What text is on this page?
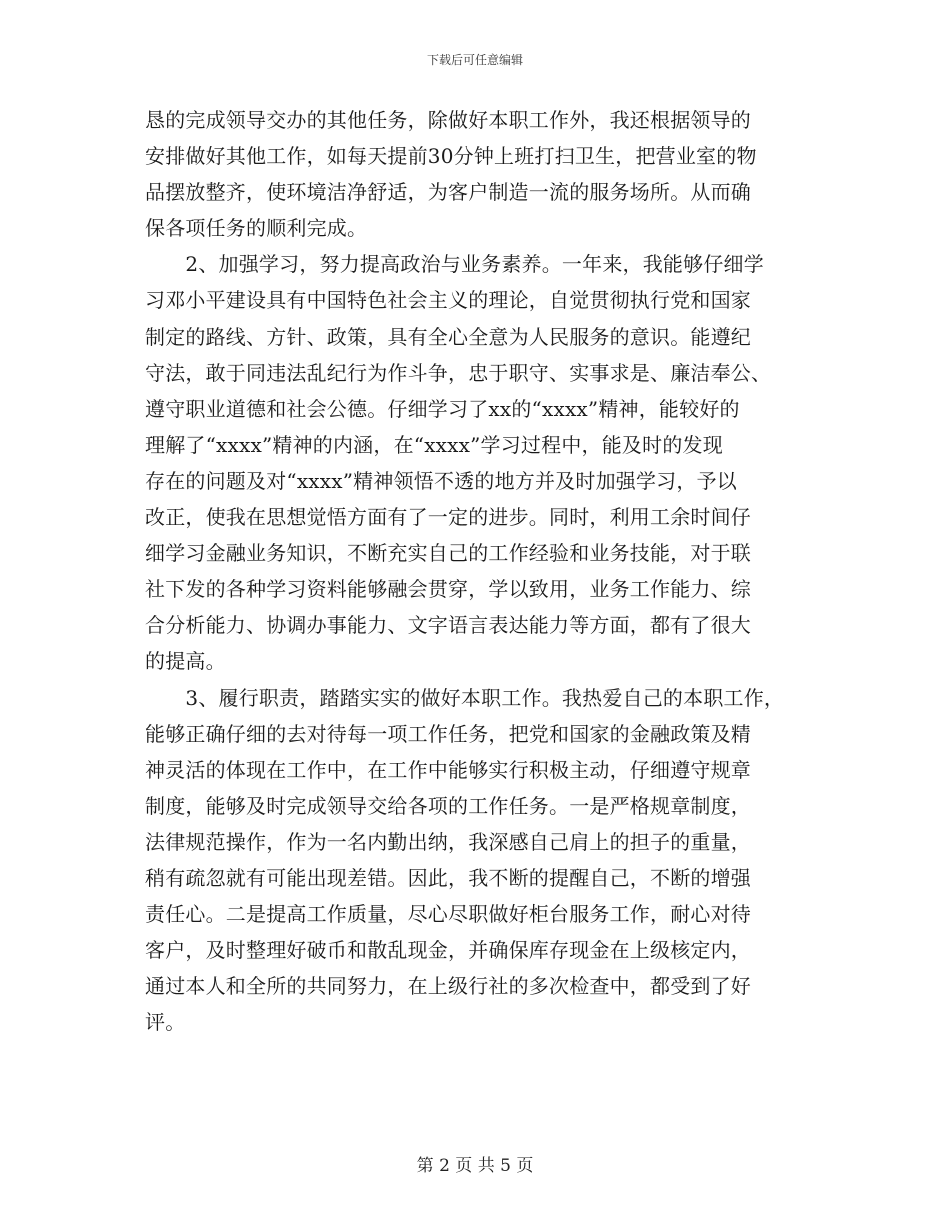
下载后可任意编辑
恳的完成领导交办的其他任务，除做好本职工作外，我还根据领导的
安排做好其他工作，如每天提前30分钟上班打扫卫生，把营业室的物
品摆放整齐，使环境洁净舒适，为客户制造一流的服务场所。从而确
保各项任务的顺利完成。
　　2、加强学习，努力提高政治与业务素养。一年来，我能够仔细学
习邓小平建设具有中国特色社会主义的理论，自觉贯彻执行党和国家
制定的路线、方针、政策，具有全心全意为人民服务的意识。能遵纪
守法，敢于同违法乱纪行为作斗争，忠于职守、实事求是、廉洁奉公、
遵守职业道德和社会公德。仔细学习了xx的“xxxx”精神，能较好的
理解了“xxxx”精神的内涵，在“xxxx”学习过程中，能及时的发现
存在的问题及对“xxxx”精神领悟不透的地方并及时加强学习，予以
改正，使我在思想觉悟方面有了一定的进步。同时，利用工余时间仔
细学习金融业务知识，不断充实自己的工作经验和业务技能，对于联
社下发的各种学习资料能够融会贯穿，学以致用，业务工作能力、综
合分析能力、协调办事能力、文字语言表达能力等方面，都有了很大
的提高。
　　3、履行职责，踏踏实实的做好本职工作。我热爱自己的本职工作，
能够正确仔细的去对待每一项工作任务，把党和国家的金融政策及精
神灵活的体现在工作中，在工作中能够实行积极主动，仔细遵守规章
制度，能够及时完成领导交给各项的工作任务。一是严格规章制度，
法律规范操作，作为一名内勤出纳，我深感自己肩上的担子的重量，
稍有疏忽就有可能出现差错。因此，我不断的提醒自己，不断的增强
责任心。二是提高工作质量，尽心尽职做好柜台服务工作，耐心对待
客户，及时整理好破币和散乱现金，并确保库存现金在上级核定内，
通过本人和全所的共同努力，在上级行社的多次检查中，都受到了好
评。
第 2 页 共 5 页
